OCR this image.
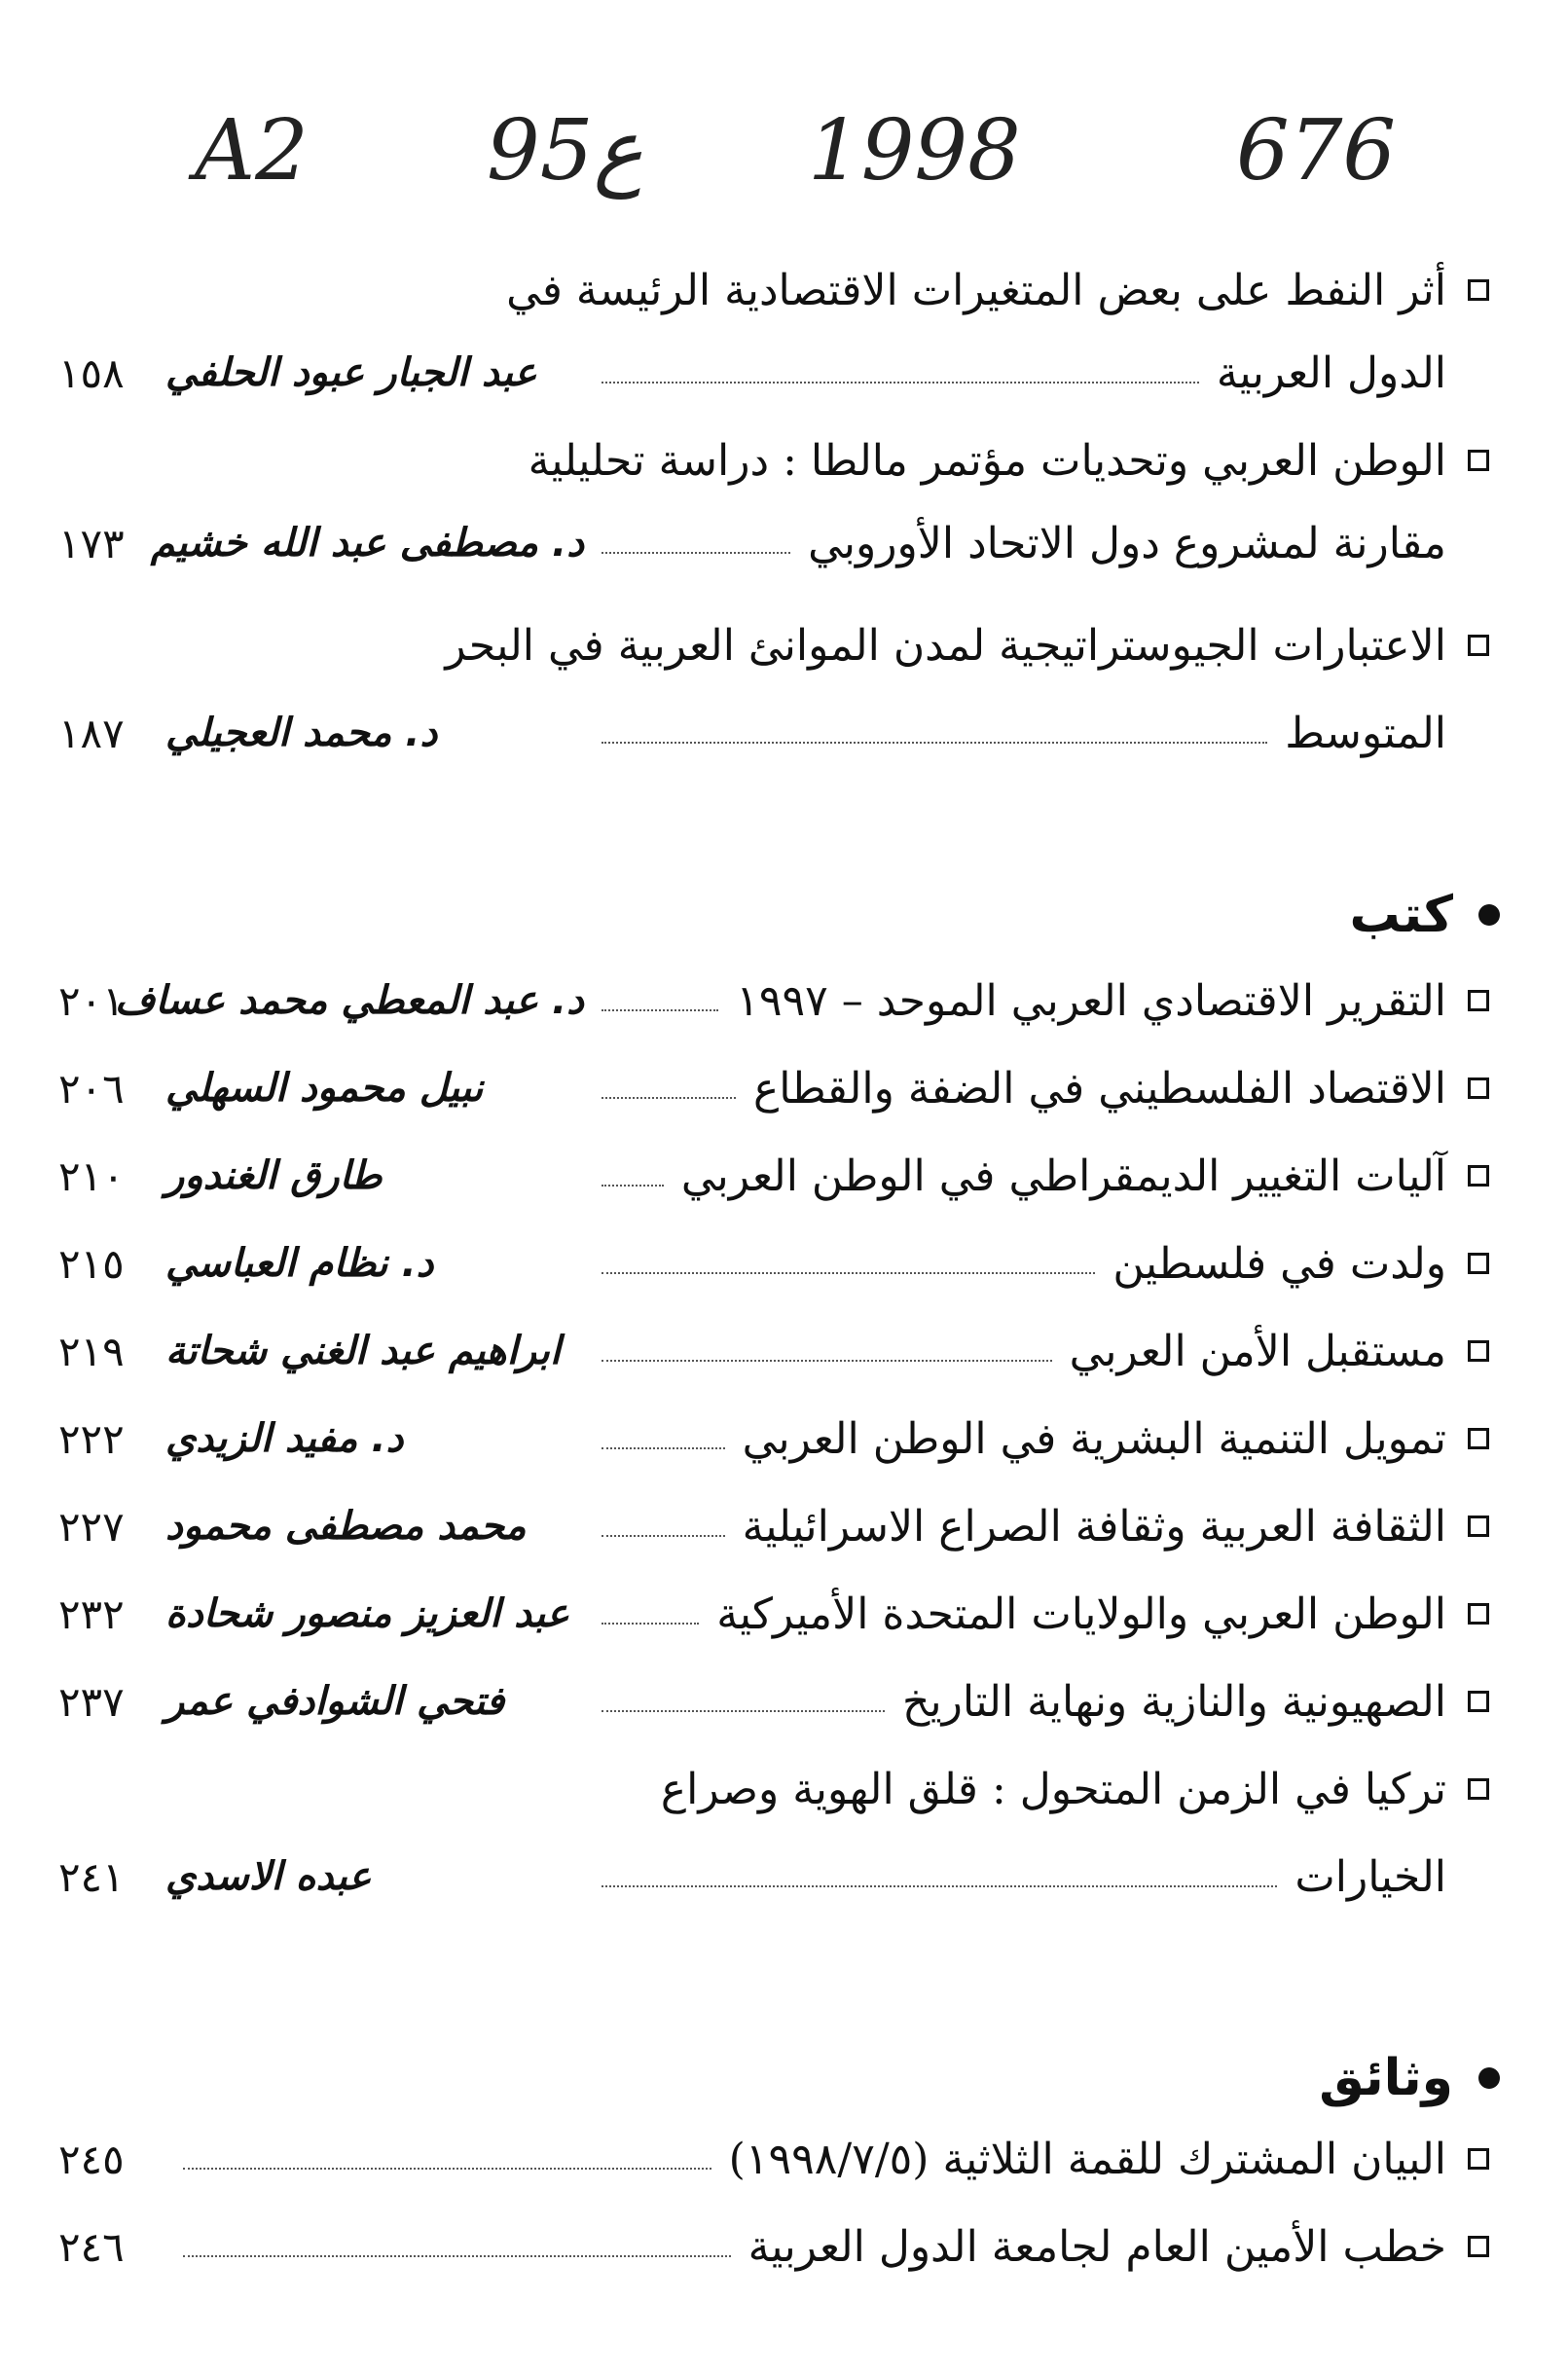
A2 95ع 1998	676
أثر النفط على بعض المتغيرات الاقتصادية الرئيسة في
الدول العربية
عبد الجبار عبود الحلفي
١٥٨
الوطن العربي وتحديات مؤتمر مالطا : دراسة تحليلية
مقارنة لمشروع دول الاتحاد الأوروبي
د. مصطفى عبد الله خشيم
١٧٣
الاعتبارات الجيوستراتيجية لمدن الموانئ العربية في البحر
المتوسط
د. محمد العجيلي
١٨٧
كتب
التقرير الاقتصادي العربي الموحد – ١٩٩٧
د. عبد المعطي محمد عساف
٢٠١
الاقتصاد الفلسطيني في الضفة والقطاع
نبيل محمود السهلي
٢٠٦
آليات التغيير الديمقراطي في الوطن العربي
طارق الغندور
٢١٠
ولدت في فلسطين
د. نظام العباسي
٢١٥
مستقبل الأمن العربي
ابراهيم عبد الغني شحاتة
٢١٩
تمويل التنمية البشرية في الوطن العربي
د. مفيد الزيدي
٢٢٢
الثقافة العربية وثقافة الصراع الاسرائيلية
محمد مصطفى محمود
٢٢٧
الوطن العربي والولايات المتحدة الأميركية
عبد العزيز منصور شحادة
٢٣٢
الصهيونية والنازية ونهاية التاريخ
فتحي الشوادفي عمر
٢٣٧
تركيا في الزمن المتحول : قلق الهوية وصراع
الخيارات
عبده الاسدي
٢٤١
وثائق
البيان المشترك للقمة الثلاثية (١٩٩٨/٧/٥)
٢٤٥
خطب الأمين العام لجامعة الدول العربية
٢٤٦
